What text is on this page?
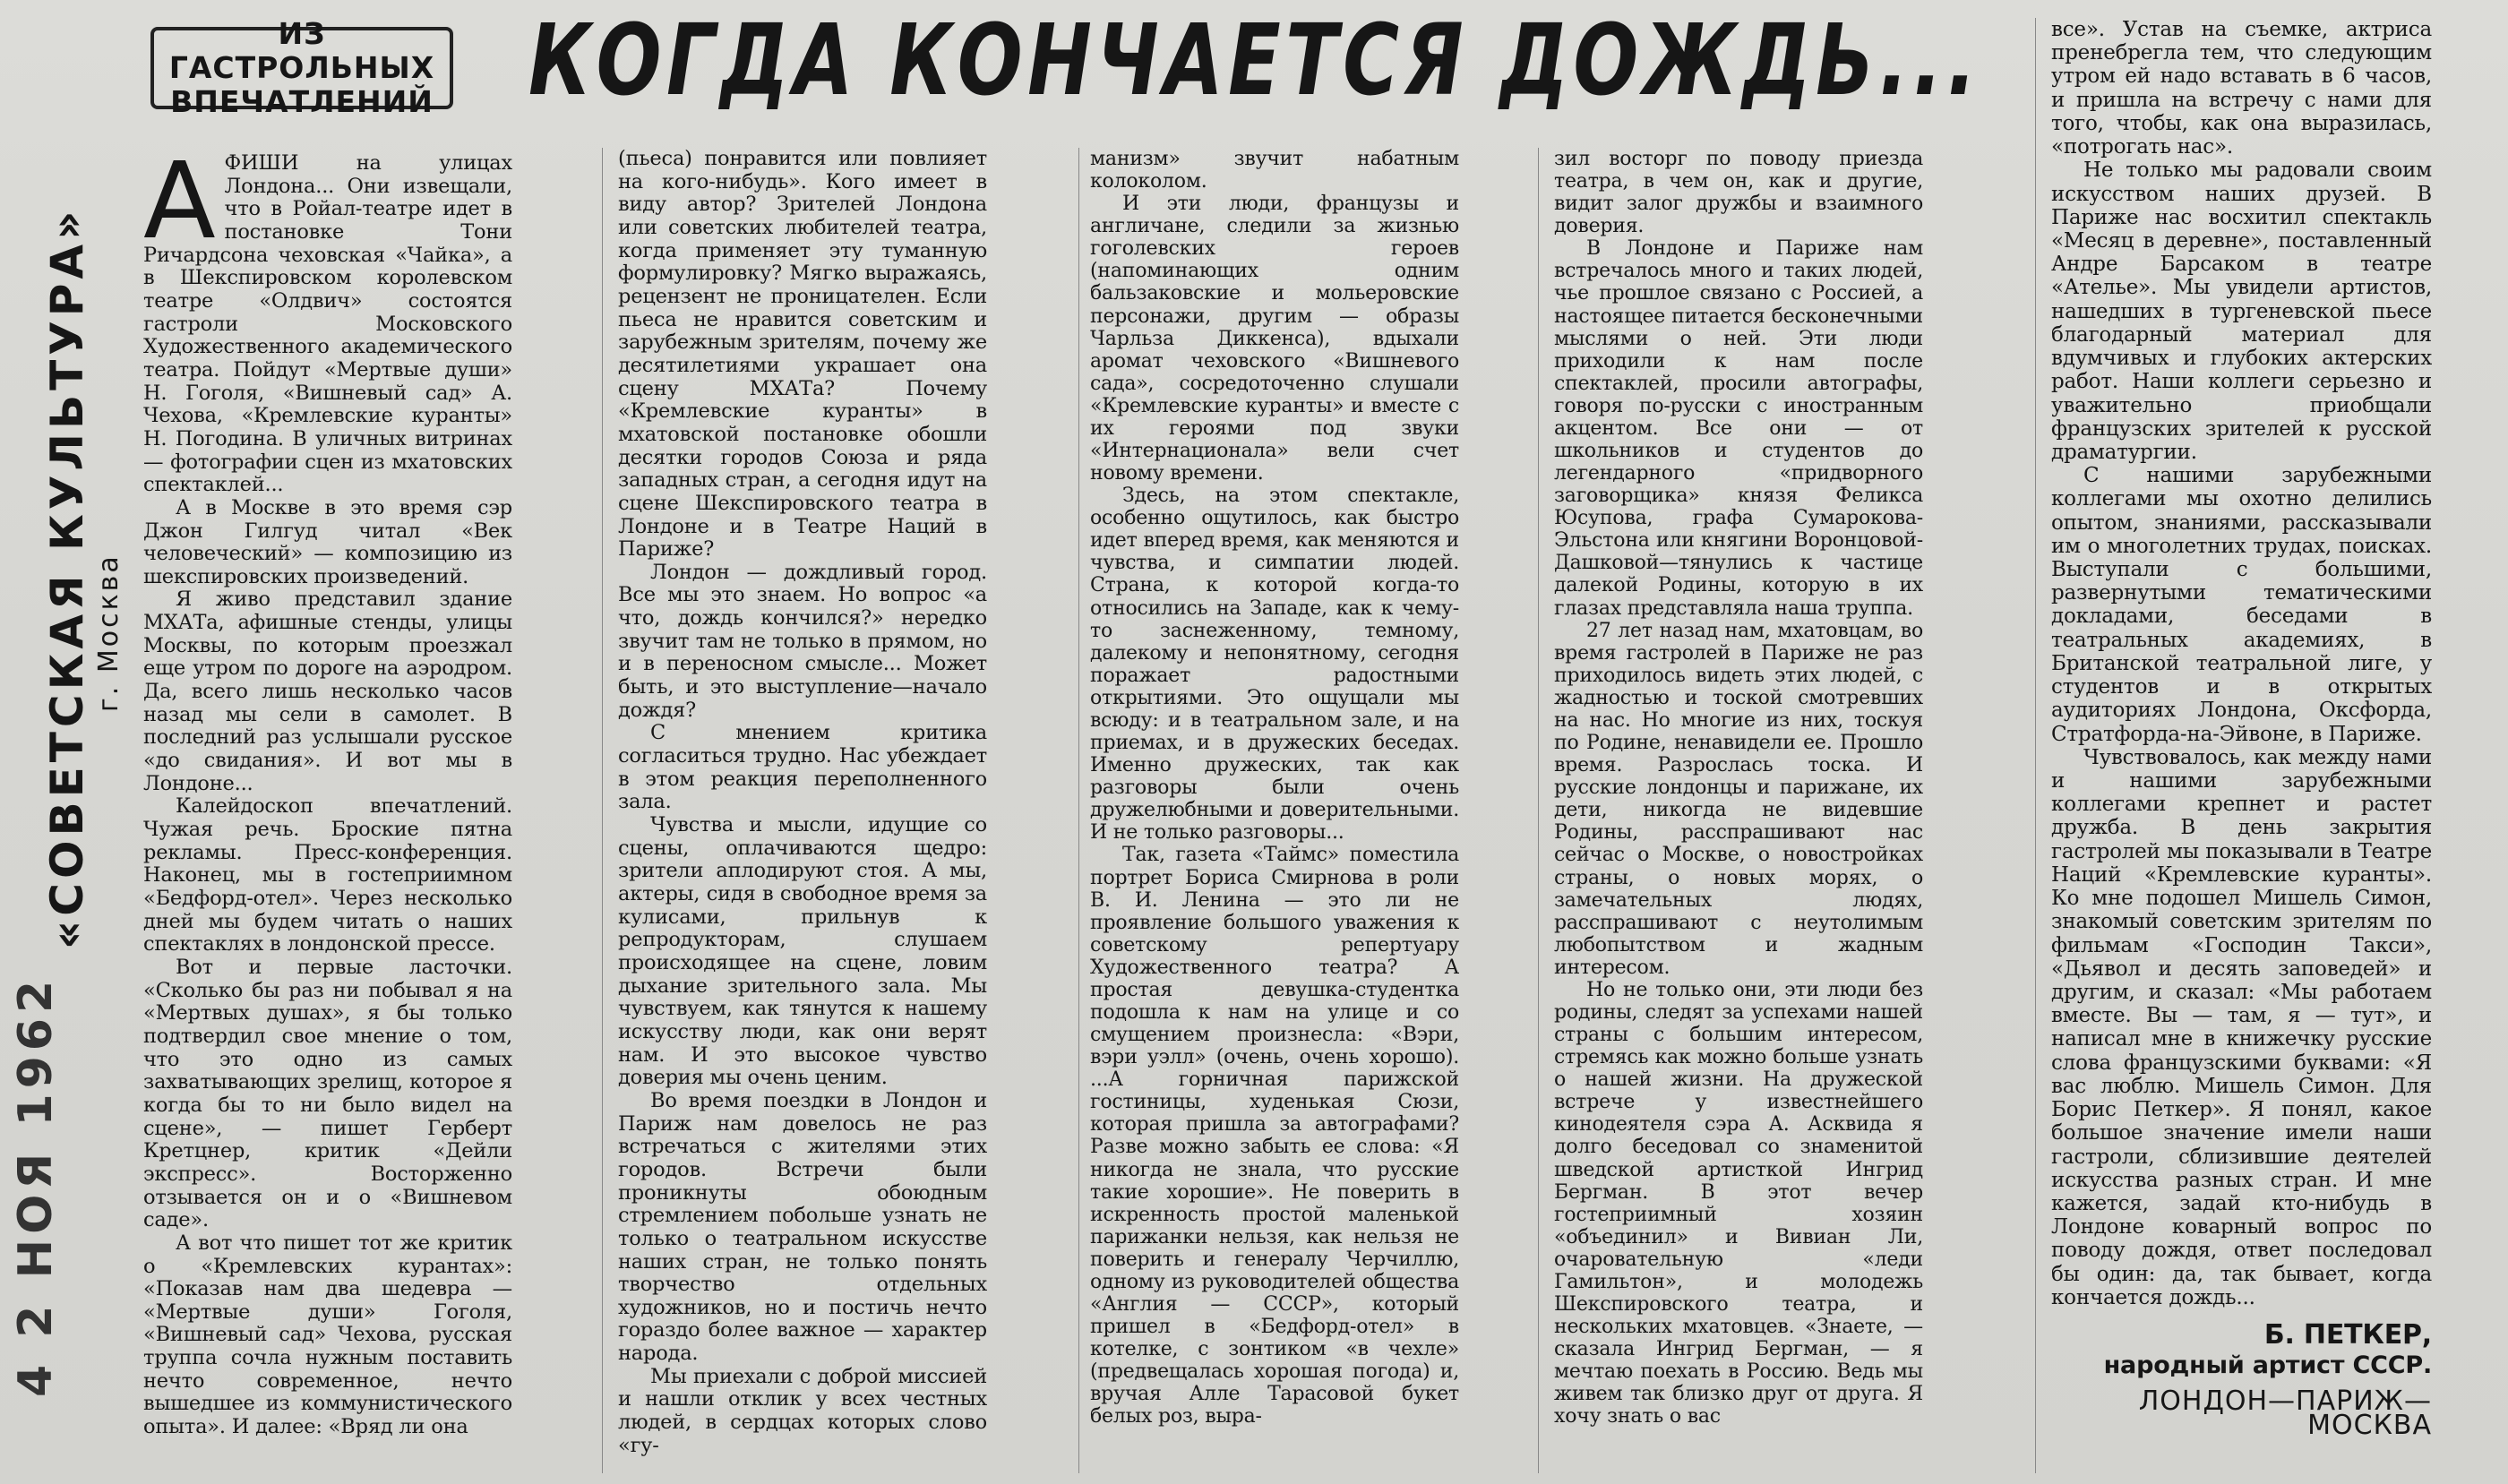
ИЗ ГАСТРОЛЬНЫХ
ВПЕЧАТЛЕНИЙ КОГДА КОНЧАЕТСЯ ДОЖДЬ...
4 2 НОЯ 1962
«СОВЕТСКАЯ КУЛЬТУРА» г. Москва

АФИШИ на улицах Лондона... Они извещали, что в Ройал-театре идет в постановке Тони Ричардсона чеховская «Чайка», а в Шекспировском королевском театре «Олдвич» состоятся гастроли Московского Художественного академического театра. Пойдут «Мертвые души» Н. Гоголя, «Вишневый сад» А. Чехова, «Кремлевские куранты» Н. Погодина. В уличных витринах — фотографии сцен из мхатовских спектаклей...

А в Москве в это время сэр Джон Гилгуд читал «Век человеческий» — композицию из шекспировских произведений.

Я живо представил здание МХАТа, афишные стенды, улицы Москвы, по которым проезжал еще утром по дороге на аэродром. Да, всего лишь несколько часов назад мы сели в самолет. В последний раз услышали русское «до свидания». И вот мы в Лондоне...

Калейдоскоп впечатлений. Чужая речь. Броские пятна рекламы. Пресс-конференция. Наконец, мы в гостеприимном «Бедфорд-отел». Через несколько дней мы будем читать о наших спектаклях в лондонской прессе.

Вот и первые ласточки. «Сколько бы раз ни побывал я на «Мертвых душах», я бы только подтвердил свое мнение о том, что это одно из самых захватывающих зрелищ, которое я когда бы то ни было видел на сцене», — пишет Герберт Кретцнер, критик «Дейли экспресс». Восторженно отзывается он и о «Вишневом саде».

А вот что пишет тот же критик о «Кремлевских курантах»: «Показав нам два шедевра — «Мертвые души» Гоголя, «Вишневый сад» Чехова, русская труппа сочла нужным поставить нечто современное, нечто вышедшее из коммунистического опыта». И далее: «Вряд ли она

(пьеса) понравится или повлияет на кого-нибудь». Кого имеет в виду автор? Зрителей Лондона или советских любителей театра, когда применяет эту туманную формулировку? Мягко выражаясь, рецензент не проницателен. Если пьеса не нравится советским и зарубежным зрителям, почему же десятилетиями украшает она сцену МХАТа? Почему «Кремлевские куранты» в мхатовской постановке обошли десятки городов Союза и ряда западных стран, а сегодня идут на сцене Шекспировского театра в Лондоне и в Театре Наций в Париже?

Лондон — дождливый город. Все мы это знаем. Но вопрос «а что, дождь кончился?» нередко звучит там не только в прямом, но и в переносном смысле... Может быть, и это выступление—начало дождя?

С мнением критика согласиться трудно. Нас убеждает в этом реакция переполненного зала.

Чувства и мысли, идущие со сцены, оплачиваются щедро: зрители аплодируют стоя. А мы, актеры, сидя в свободное время за кулисами, прильнув к репродукторам, слушаем происходящее на сцене, ловим дыхание зрительного зала. Мы чувствуем, как тянутся к нашему искусству люди, как они верят нам. И это высокое чувство доверия мы очень ценим.

Во время поездки в Лондон и Париж нам довелось не раз встречаться с жителями этих городов. Встречи были проникнуты обоюдным стремлением побольше узнать не только о театральном искусстве наших стран, не только понять творчество отдельных художников, но и постичь нечто гораздо более важное — характер народа.

Мы приехали с доброй миссией и нашли отклик у всех честных людей, в сердцах которых слово «гу-

манизм» звучит набатным колоколом.

И эти люди, французы и англичане, следили за жизнью гоголевских героев (напоминающих одним бальзаковские и мольеровские персонажи, другим — образы Чарльза Диккенса), вдыхали аромат чеховского «Вишневого сада», сосредоточенно слушали «Кремлевские куранты» и вместе с их героями под звуки «Интернационала» вели счет новому времени.

Здесь, на этом спектакле, особенно ощутилось, как быстро идет вперед время, как меняются и чувства, и симпатии людей. Страна, к которой когда-то относились на Западе, как к чему-то заснеженному, темному, далекому и непонятному, сегодня поражает радостными открытиями. Это ощущали мы всюду: и в театральном зале, и на приемах, и в дружеских беседах. Именно дружеских, так как разговоры были очень дружелюбными и доверительными. И не только разговоры...

Так, газета «Таймс» поместила портрет Бориса Смирнова в роли В. И. Ленина — это ли не проявление большого уважения к советскому репертуару Художественного театра? А простая девушка-студентка подошла к нам на улице и со смущением произнесла: «Вэри, вэри уэлл» (очень, очень хорошо). ...А горничная парижской гостиницы, худенькая Сюзи, которая пришла за автографами? Разве можно забыть ее слова: «Я никогда не знала, что русские такие хорошие». Не поверить в искренность простой маленькой парижанки нельзя, как нельзя не поверить и генералу Черчиллю, одному из руководителей общества «Англия — СССР», который пришел в «Бедфорд-отел» в котелке, с зонтиком «в чехле» (предвещалась хорошая погода) и, вручая Алле Тарасовой букет белых роз, выра-

зил восторг по поводу приезда театра, в чем он, как и другие, видит залог дружбы и взаимного доверия.

В Лондоне и Париже нам встречалось много и таких людей, чье прошлое связано с Россией, а настоящее питается бесконечными мыслями о ней. Эти люди приходили к нам после спектаклей, просили автографы, говоря по-русски с иностранным акцентом. Все они — от школьников и студентов до легендарного «придворного заговорщика» князя Феликса Юсупова, графа Сумарокова-Эльстона или княгини Воронцовой-Дашковой—тянулись к частице далекой Родины, которую в их глазах представляла наша труппа.

27 лет назад нам, мхатовцам, во время гастролей в Париже не раз приходилось видеть этих людей, с жадностью и тоской смотревших на нас. Но многие из них, тоскуя по Родине, ненавидели ее. Прошло время. Разрослась тоска. И русские лондонцы и парижане, их дети, никогда не видевшие Родины, расспрашивают нас сейчас о Москве, о новостройках страны, о новых морях, о замечательных людях, расспрашивают с неутолимым любопытством и жадным интересом.

Но не только они, эти люди без родины, следят за успехами нашей страны с большим интересом, стремясь как можно больше узнать о нашей жизни. На дружеской встрече у известнейшего кинодеятеля сэра А. Асквида я долго беседовал со знаменитой шведской артисткой Ингрид Бергман. В этот вечер гостеприимный хозяин «объединил» и Вивиан Ли, очаровательную «леди Гамильтон», и молодежь Шекспировского театра, и нескольких мхатовцев. «Знаете, — сказала Ингрид Бергман, — я мечтаю поехать в Россию. Ведь мы живем так близко друг от друга. Я хочу знать о вас

все». Устав на съемке, актриса пренебрегла тем, что следующим утром ей надо вставать в 6 часов, и пришла на встречу с нами для того, чтобы, как она выразилась, «потрогать нас».

Не только мы радовали своим искусством наших друзей. В Париже нас восхитил спектакль «Месяц в деревне», поставленный Андре Барсаком в театре «Ателье». Мы увидели артистов, нашедших в тургеневской пьесе благодарный материал для вдумчивых и глубоких актерских работ. Наши коллеги серьезно и уважительно приобщали французских зрителей к русской драматургии.

С нашими зарубежными коллегами мы охотно делились опытом, знаниями, рассказывали им о многолетних трудах, поисках. Выступали с большими, развернутыми тематическими докладами, беседами в театральных академиях, в Британской театральной лиге, у студентов и в открытых аудиториях Лондона, Оксфорда, Стратфорда-на-Эйвоне, в Париже.

Чувствовалось, как между нами и нашими зарубежными коллегами крепнет и растет дружба. В день закрытия гастролей мы показывали в Театре Наций «Кремлевские куранты». Ко мне подошел Мишель Симон, знакомый советским зрителям по фильмам «Господин Такси», «Дьявол и десять заповедей» и другим, и сказал: «Мы работаем вместе. Вы — там, я — тут», и написал мне в книжечку русские слова французскими буквами: «Я вас люблю. Мишель Симон. Для Борис Петкер». Я понял, какое большое значение имели наши гастроли, сблизившие деятелей искусства разных стран. И мне кажется, задай кто-нибудь в Лондоне коварный вопрос по поводу дождя, ответ последовал бы один: да, так бывает, когда кончается дождь...

Б. ПЕТКЕР,
народный артист СССР.
ЛОНДОН—ПАРИЖ—МОСКВА
